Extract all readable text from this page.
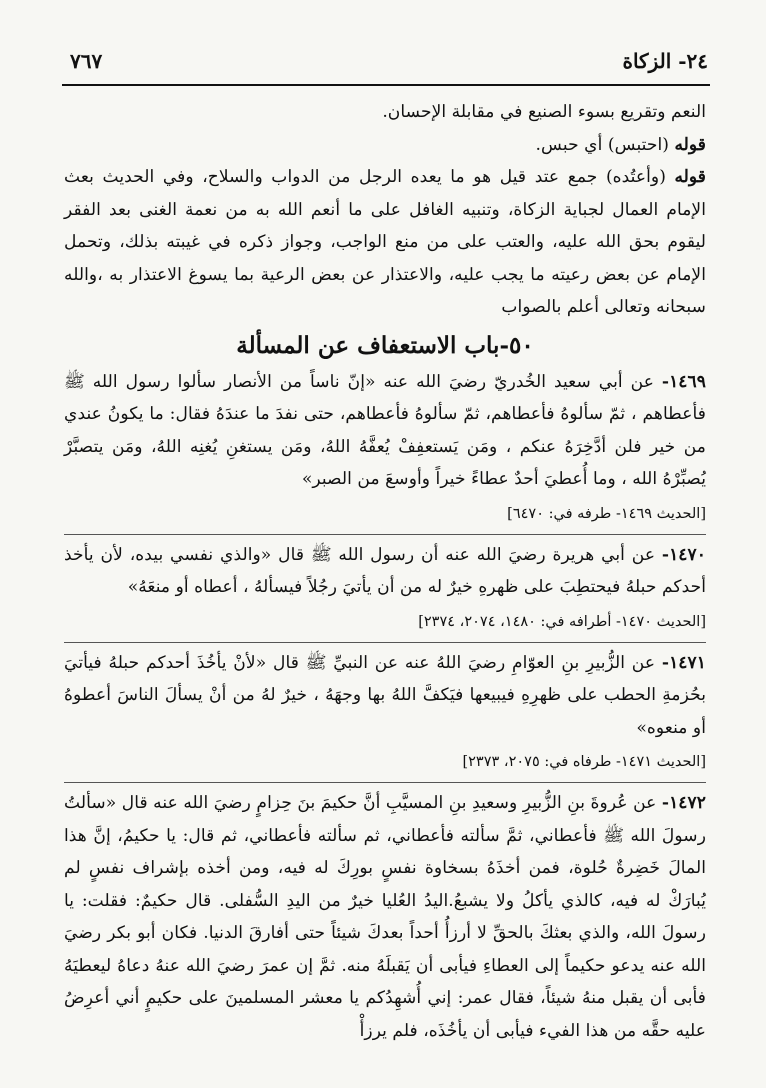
٢٤- الزكاة
٧٦٧

النعم وتقريع بسوء الصنيع في مقابلة الإحسان.

قوله (احتبس) أي حبس.

قوله (وأعتُده) جمع عتد قيل هو ما يعده الرجل من الدواب والسلاح، وفي الحديث بعث الإمام العمال لجباية الزكاة، وتنبيه الغافل على ما أنعم الله به من نعمة الغنى بعد الفقر ليقوم بحق الله عليه، والعتب على من منع الواجب، وجواز ذكره في غيبته بذلك، وتحمل الإمام عن بعض رعيته ما يجب عليه، والاعتذار عن بعض الرعية بما يسوغ الاعتذار به ،والله سبحانه وتعالى أعلم بالصواب

٥٠-باب الاستعفاف عن المسألة

١٤٦٩- عن أبي سعيد الخُدريّ رضيَ الله عنه «إنّ ناساً من الأنصار سألوا رسول الله ﷺ فأعطاهم ، ثمّ سألوهُ فأعطاهم، ثمّ سألوهُ فأعطاهم، حتى نفدَ ما عندَهُ فقال: ما يكونُ عندي من خير فلن أدَّخِرَهُ عنكم ، ومَن يَستعفِفْ يُعفَّهُ اللهُ، ومَن يستغنِ يُغنِه اللهُ، ومَن يتصبَّرْ يُصبِّرْهُ الله ، وما أُعطيَ أحدٌ عطاءً خيراً وأوسعَ من الصبر»

[الحديث ١٤٦٩- طرفه في: ٦٤٧٠]

١٤٧٠- عن أبي هريرة رضيَ الله عنه أن رسول الله ﷺ قال «والذي نفسي بيده، لأن يأخذ أحدكم حبلهُ فيحتطِبَ على ظهرهِ خيرٌ له من أن يأتيَ رجُلاً فيسألهُ ، أعطاه أو منعَهُ»

[الحديث ١٤٧٠- أطرافه في: ١٤٨٠، ٢٠٧٤، ٢٣٧٤]

١٤٧١- عن الزُّبيرِ بنِ العوّامِ رضيَ اللهُ عنه عن النبيِّ ﷺ قال «لأنْ يأخُذَ أحدكم حبلهُ فيأتيَ بحُزمةِ الحطب على ظهرِهِ فيبيعها فيَكفَّ اللهُ بها وجهَهُ ، خيرٌ لهُ من أنْ يسألَ الناسَ أعطوهُ أو منعوه»

[الحديث ١٤٧١- طرفاه في: ٢٠٧٥، ٢٣٧٣]

١٤٧٢- عن عُروةَ بنِ الزُّبيرِ وسعيدِ بنِ المسيَّبِ أنَّ حكيمَ بنَ حِزامٍ رضيَ الله عنه قال «سألتُ رسولَ الله ﷺ فأعطاني، ثمَّ سألته فأعطاني، ثم سألته فأعطاني، ثم قال: يا حكيمُ، إنَّ هذا المالَ خَضِرةٌ حُلوة، فمن أخذَهُ بسخاوة نفسٍ بورِكَ له فيه، ومن أخذه بإشراف نفسٍ لم يُبارَكْ له فيه، كالذي يأكلُ ولا يشبعُ.اليدُ العُليا خيرٌ من اليدِ السُّفلى. قال حكيمٌ: فقلت: يا رسولَ الله، والذي بعثكَ بالحقِّ لا أرزأُ أحداً بعدكَ شيئاً حتى أفارقَ الدنيا. فكان أبو بكر رضيَ الله عنه يدعو حكيماً إلى العطاءِ فيأبى أن يَقبلَهُ منه. ثمَّ إن عمرَ رضيَ الله عنهُ دعاهُ ليعطيَهُ فأبى أن يقبل منهُ شيئاً، فقال عمر: إني أُشهِدُكم يا معشر المسلمينَ على حكيمٍ أني أعرِضُ عليه حقَّه من هذا الفيء فيأبى أن يأخُذَه، فلم يرزأْ
